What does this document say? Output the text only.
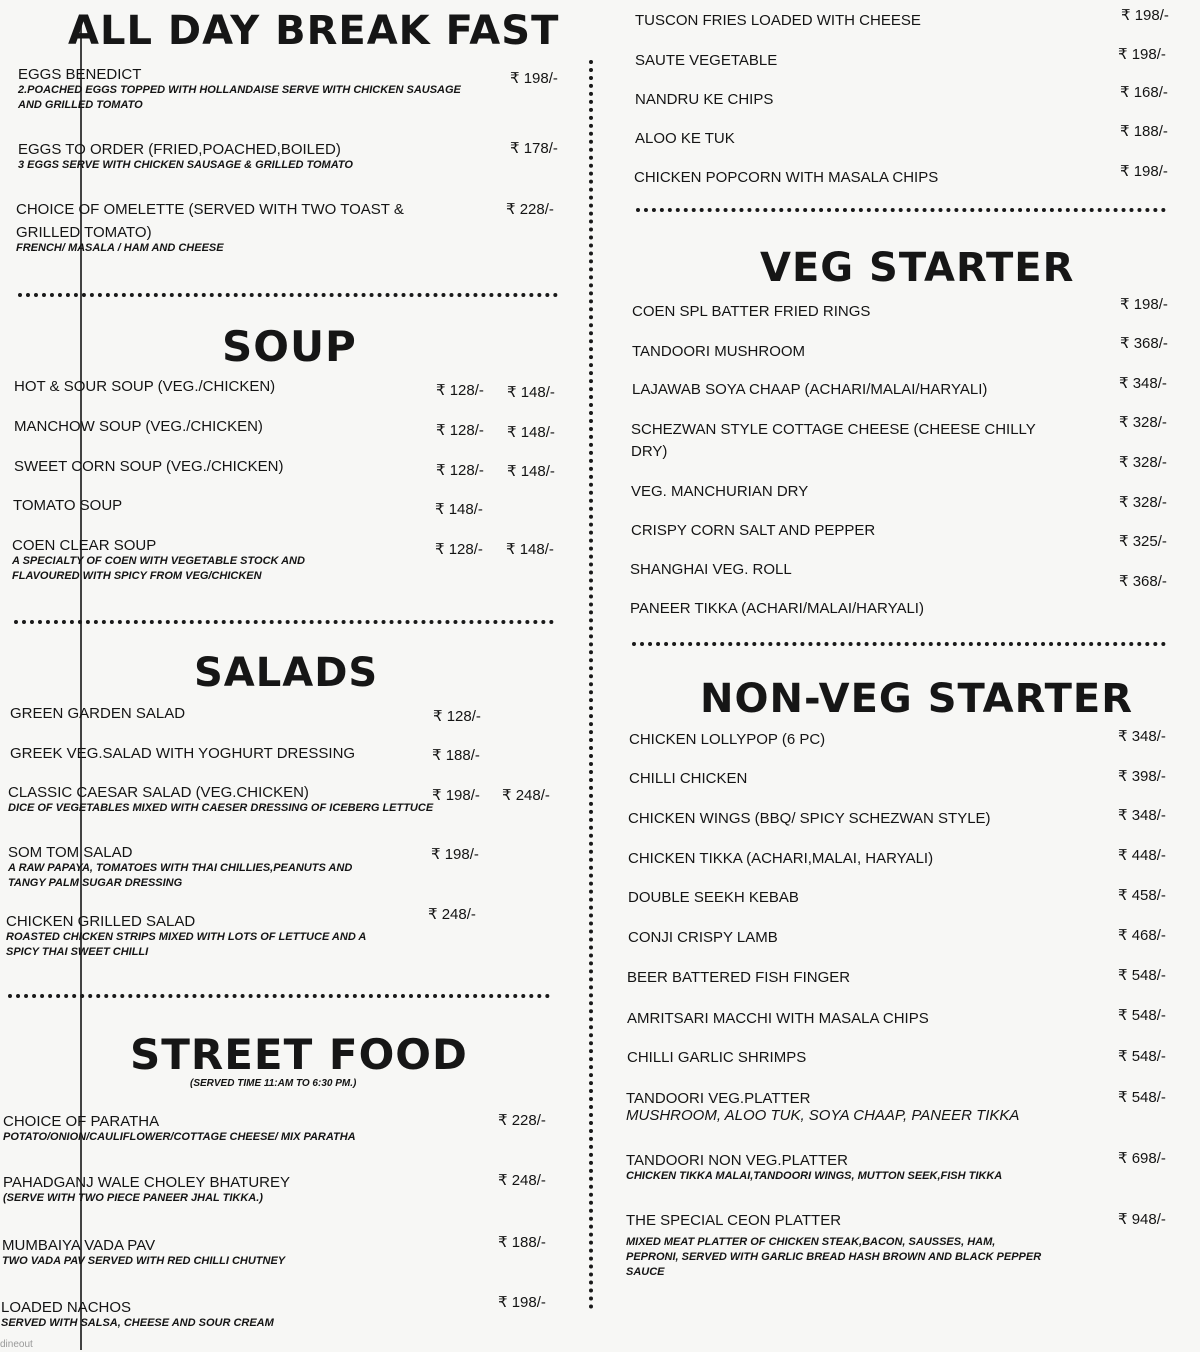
ALL DAY BREAK FAST
EGGS BENEDICT
2.POACHED EGGS TOPPED WITH HOLLANDAISE SERVE WITH CHICKEN SAUSAGE
AND GRILLED TOMATO
₹ 198/-
EGGS TO ORDER (FRIED,POACHED,BOILED)
3 EGGS SERVE WITH CHICKEN SAUSAGE & GRILLED TOMATO
₹ 178/-
CHOICE OF OMELETTE (SERVED WITH TWO TOAST &
GRILLED TOMATO)
FRENCH/ MASALA / HAM AND CHEESE
₹ 228/-
SOUP
HOT & SOUR SOUP (VEG./CHICKEN)	₹ 128/- ₹ 148/-
MANCHOW SOUP (VEG./CHICKEN)	₹ 128/- ₹ 148/-
SWEET CORN SOUP (VEG./CHICKEN)	₹ 128/- ₹ 148/-
TOMATO SOUP	₹ 148/-
COEN CLEAR SOUP
A SPECIALTY OF COEN WITH VEGETABLE STOCK AND
FLAVOURED WITH SPICY FROM VEG/CHICKEN
₹ 128/- ₹ 148/-
SALADS
GREEN GARDEN SALAD	₹ 128/-
GREEK VEG.SALAD WITH YOGHURT DRESSING	₹ 188/-
CLASSIC CAESAR SALAD (VEG.CHICKEN)
DICE OF VEGETABLES MIXED WITH CAESER DRESSING OF ICEBERG LETTUCE
₹ 198/- ₹ 248/-
SOM TOM SALAD
A RAW PAPAYA, TOMATOES WITH THAI CHILLIES,PEANUTS AND
TANGY PALM SUGAR DRESSING
₹ 198/-
CHICKEN GRILLED SALAD
ROASTED CHICKEN STRIPS MIXED WITH LOTS OF LETTUCE AND A
SPICY THAI SWEET CHILLI
₹ 248/-
STREET FOOD
(SERVED TIME 11:AM TO 6:30 PM.)
CHOICE OF PARATHA
POTATO/ONION/CAULIFLOWER/COTTAGE CHEESE/ MIX PARATHA
₹ 228/-
PAHADGANJ WALE CHOLEY BHATUREY
(SERVE WITH TWO PIECE PANEER JHAL TIKKA.)
₹ 248/-
MUMBAIYA VADA PAV
TWO VADA PAV SERVED WITH RED CHILLI CHUTNEY
₹ 188/-
LOADED NACHOS
SERVED WITH SALSA, CHEESE AND SOUR CREAM
₹ 198/-
TUSCON FRIES LOADED WITH CHEESE	₹ 198/-
SAUTE VEGETABLE	₹ 198/-
NANDRU KE CHIPS	₹ 168/-
ALOO KE TUK	₹ 188/-
CHICKEN POPCORN WITH MASALA CHIPS	₹ 198/-
VEG STARTER
COEN SPL BATTER FRIED RINGS	₹ 198/-
TANDOORI MUSHROOM	₹ 368/-
LAJAWAB SOYA CHAAP (ACHARI/MALAI/HARYALI)	₹ 348/-
SCHEZWAN STYLE COTTAGE CHEESE (CHEESE CHILLY
DRY)
₹ 328/-
VEG. MANCHURIAN DRY
₹ 328/-
CRISPY CORN SALT AND PEPPER
₹ 328/-
SHANGHAI VEG. ROLL
₹ 325/-
PANEER TIKKA (ACHARI/MALAI/HARYALI)
₹ 368/-
NON-VEG STARTER
CHICKEN LOLLYPOP (6 PC)	₹ 348/-
CHILLI CHICKEN	₹ 398/-
CHICKEN WINGS (BBQ/ SPICY SCHEZWAN STYLE)	₹ 348/-
CHICKEN TIKKA (ACHARI,MALAI, HARYALI)	₹ 448/-
DOUBLE SEEKH KEBAB	₹ 458/-
CONJI CRISPY LAMB	₹ 468/-
BEER BATTERED FISH FINGER	₹ 548/-
AMRITSARI MACCHI WITH MASALA CHIPS	₹ 548/-
CHILLI GARLIC SHRIMPS	₹ 548/-
TANDOORI VEG.PLATTER
MUSHROOM, ALOO TUK, SOYA CHAAP, PANEER TIKKA
₹ 548/-
TANDOORI NON VEG.PLATTER
CHICKEN TIKKA MALAI,TANDOORI WINGS, MUTTON SEEK,FISH TIKKA
₹ 698/-
THE SPECIAL CEON PLATTER
MIXED MEAT PLATTER OF CHICKEN STEAK,BACON, SAUSSES, HAM,
PEPRONI, SERVED WITH GARLIC BREAD HASH BROWN AND BLACK PEPPER
SAUCE
₹ 948/-
dineout
